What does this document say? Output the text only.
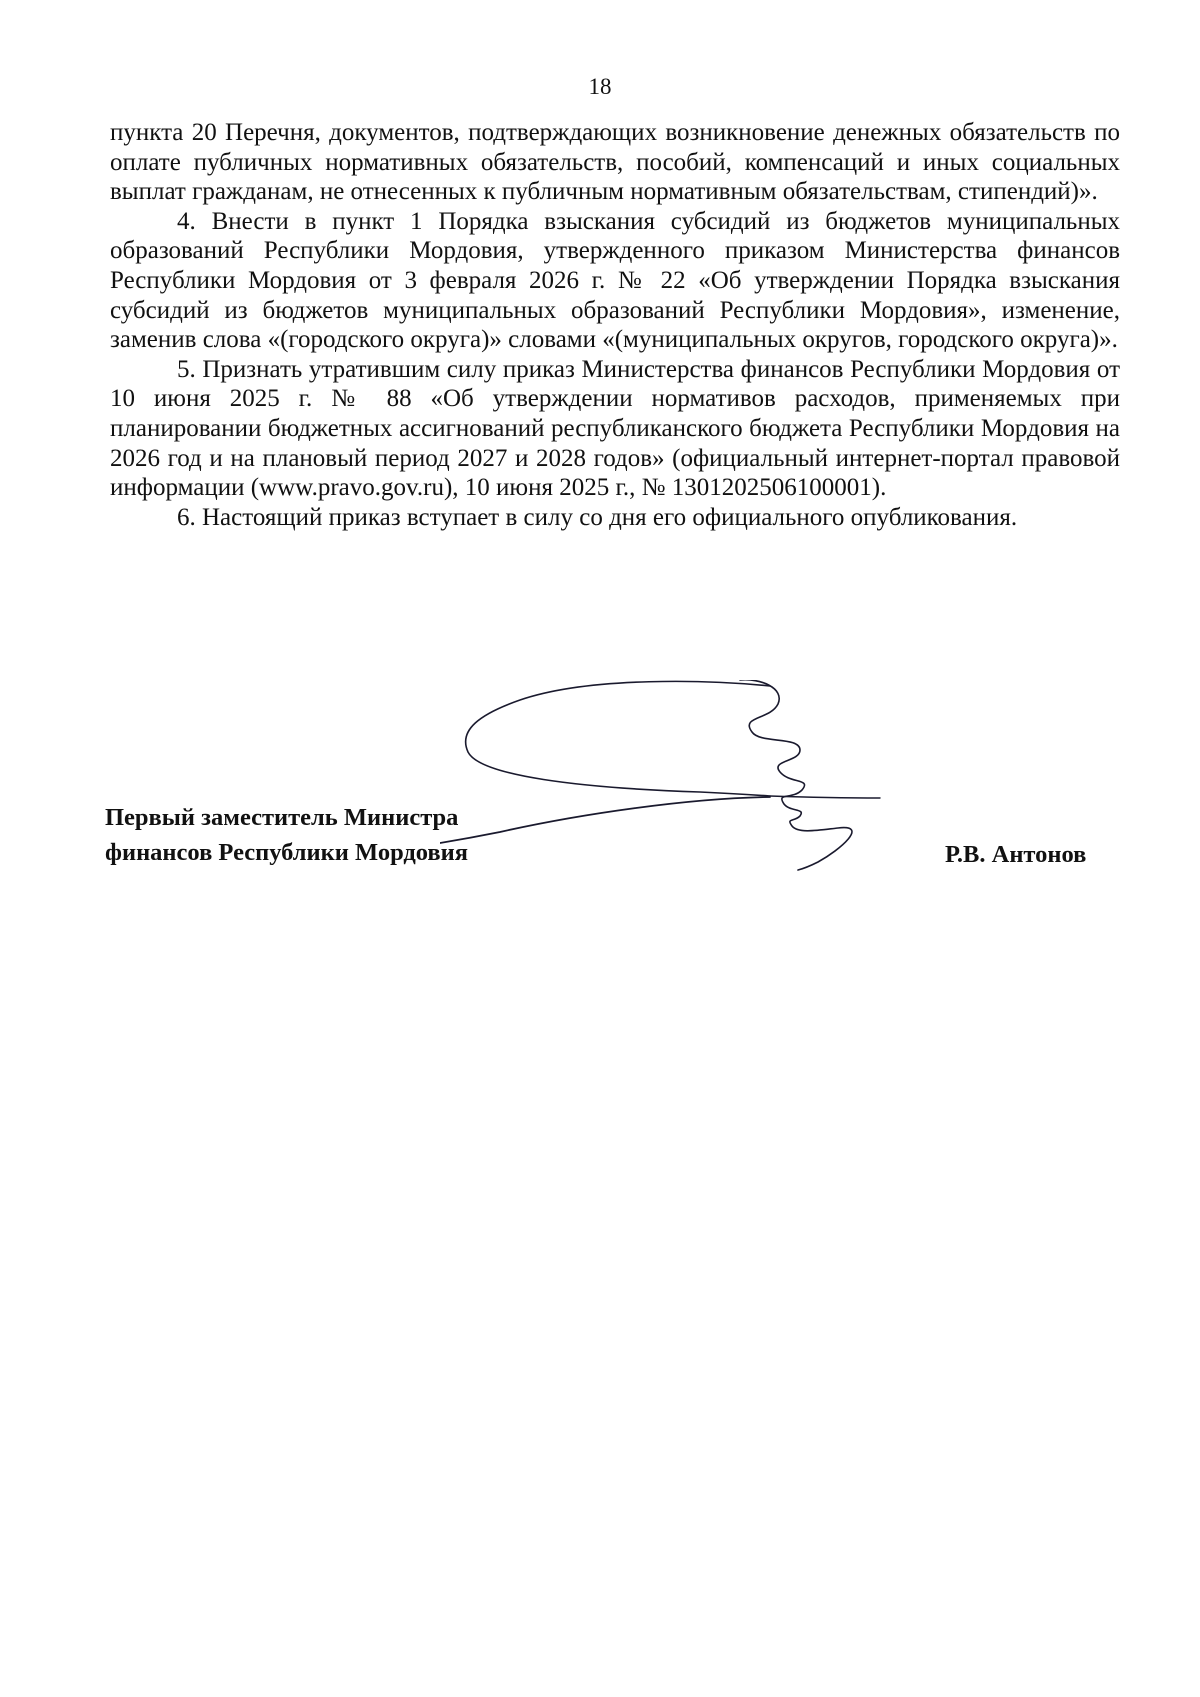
18

пункта 20 Перечня, документов, подтверждающих возникновение денежных обязательств по оплате публичных нормативных обязательств, пособий, компенсаций и иных социальных выплат гражданам, не отнесенных к публичным нормативным обязательствам, стипендий)».

4. Внести в пункт 1 Порядка взыскания субсидий из бюджетов муниципальных образований Республики Мордовия, утвержденного приказом Министерства финансов Республики Мордовия от 3 февраля 2026 г. № 22 «Об утверждении Порядка взыскания субсидий из бюджетов муниципальных образований Республики Мордовия», изменение, заменив слова «(городского округа)» словами «(муниципальных округов, городского округа)».

5. Признать утратившим силу приказ Министерства финансов Республики Мордовия от 10 июня 2025 г. № 88 «Об утверждении нормативов расходов, применяемых при планировании бюджетных ассигнований республиканского бюджета Республики Мордовия на 2026 год и на плановый период 2027 и 2028 годов» (официальный интернет-портал правовой информации (www.pravo.gov.ru), 10 июня 2025 г., № 1301202506100001).

6. Настоящий приказ вступает в силу со дня его официального опубликования.

Первый заместитель Министра
финансов Республики Мордовия	Р.В. Антонов
